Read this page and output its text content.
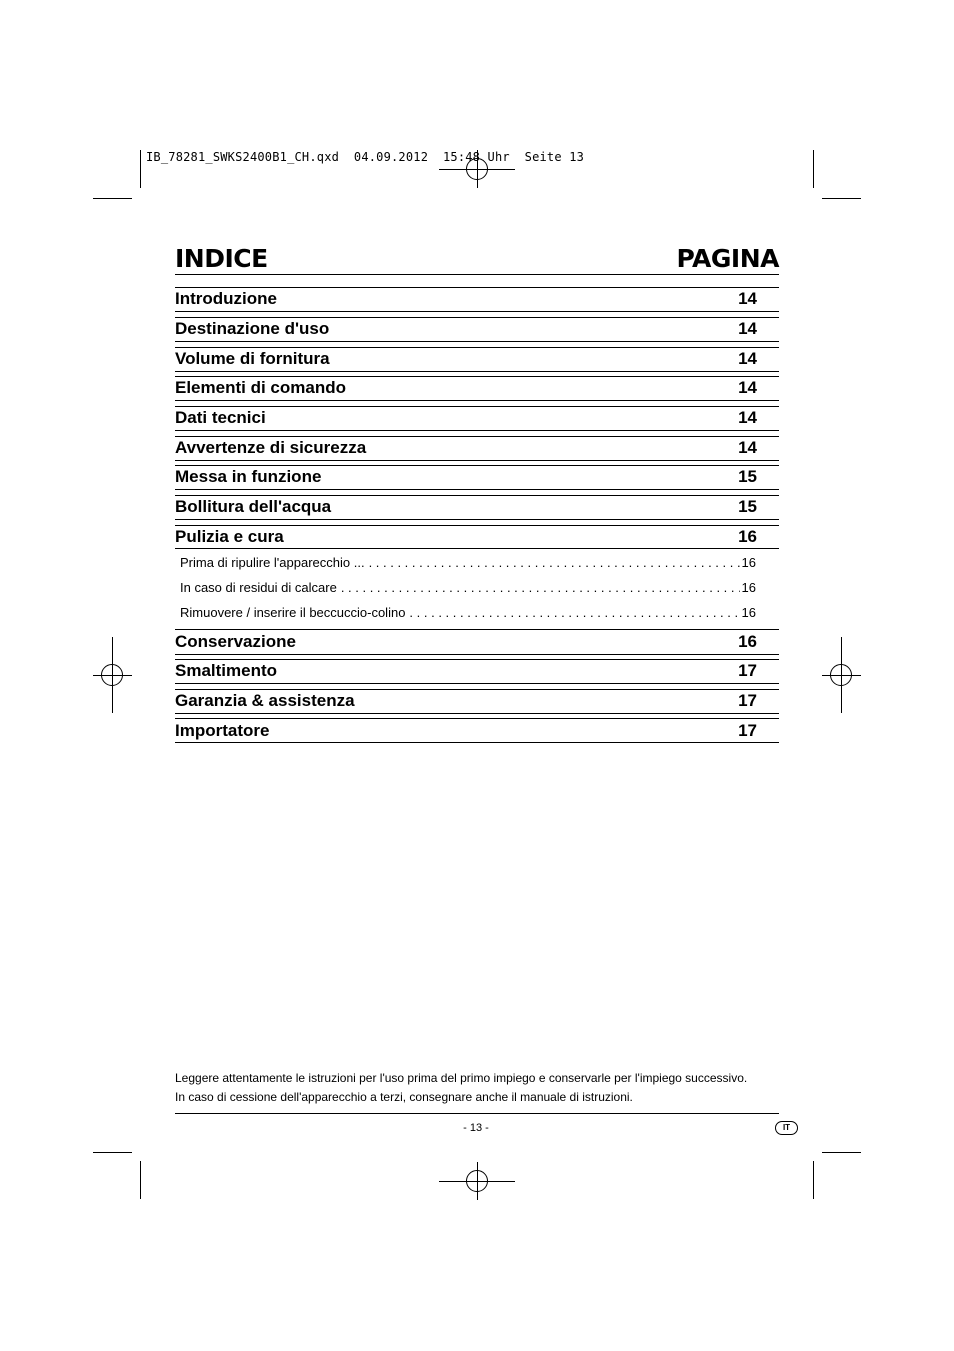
IB_78281_SWKS2400B1_CH.qxd  04.09.2012  15:48 Uhr  Seite 13
INDICE	PAGINA
Introduzione	14
Destinazione d'uso	14
Volume di fornitura	14
Elementi di comando	14
Dati tecnici	14
Avvertenze di sicurezza	14
Messa in funzione	15
Bollitura dell'acqua	15
Pulizia e cura	16
Prima di ripulire l'apparecchio ... . . .	16
In caso di residui di calcare . . .	16
Rimuovere / inserire il beccuccio-colino . . .	16
Conservazione	16
Smaltimento	17
Garanzia & assistenza	17
Importatore	17
Leggere attentamente le istruzioni per l'uso prima del primo impiego e conservarle per l'impiego successivo.
In caso di cessione dell'apparecchio a terzi, consegnare anche il manuale di istruzioni.
- 13 -	IT
